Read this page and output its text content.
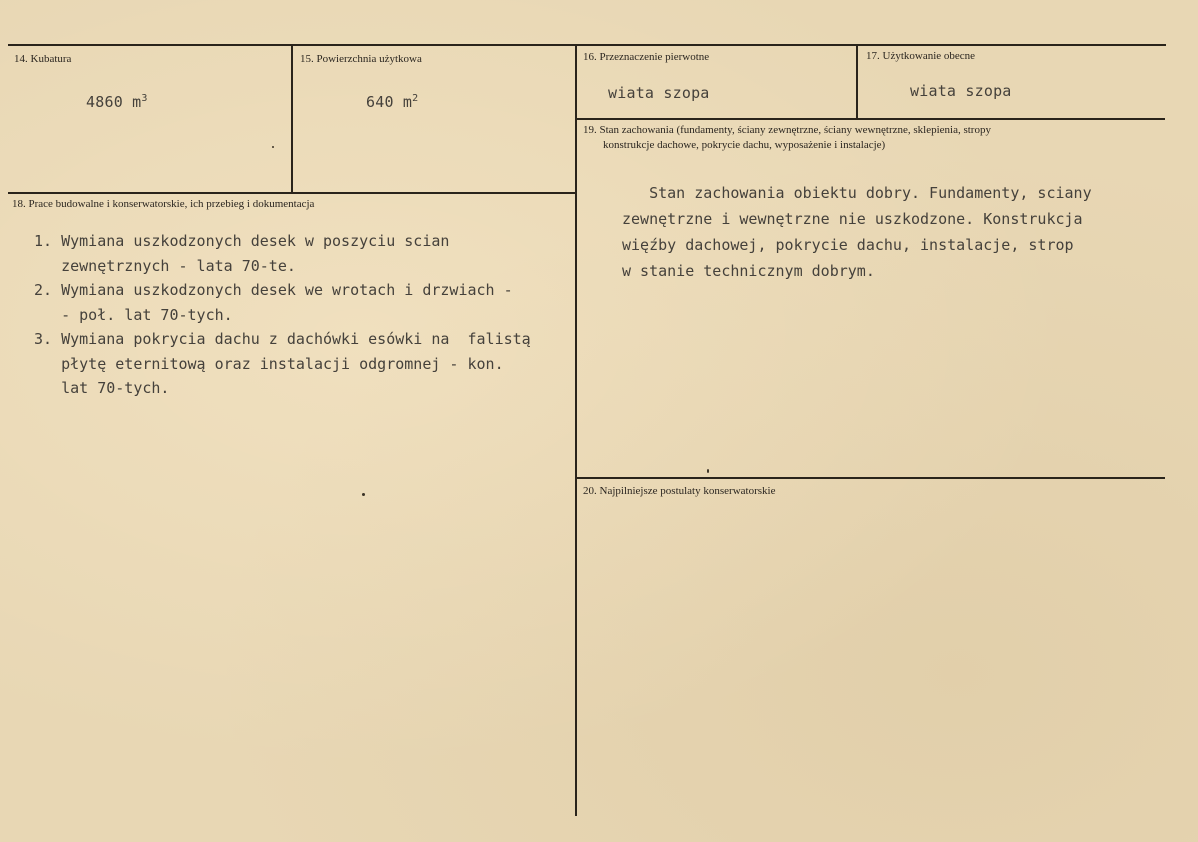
14. Kubatura
4860 $m^3$
15. Powierzchnia użytkowa
640 $m^2$
16. Przeznaczenie pierwotne
wiata szopa
17. Użytkowanie obecne
wiata szopa
18. Prace budowalne i konserwatorskie, ich przebieg i dokumentacja
1. Wymiana uszkodzonych desek w poszyciu scian
zewnętrznych - lata 70-te.
2. Wymiana uszkodzonych desek we wrotach i drzwiach -
- poł. lat 70-tych.
3. Wymiana pokrycia dachu z dachówki esówki na  falistą
płytę eternitową oraz instalacji odgromnej - kon.
lat 70-tych.
19. Stan zachowania (fundamenty, ściany zewnętrzne, ściany wewnętrzne, sklepienia, stropy
konstrukcje dachowe, pokrycie dachu, wyposażenie i instalacje)
Stan zachowania obiektu dobry. Fundamenty, sciany
zewnętrzne i wewnętrzne nie uszkodzone. Konstrukcja
więźby dachowej, pokrycie dachu, instalacje, strop
w stanie technicznym dobrym.
20. Najpilniejsze postulaty konserwatorskie
